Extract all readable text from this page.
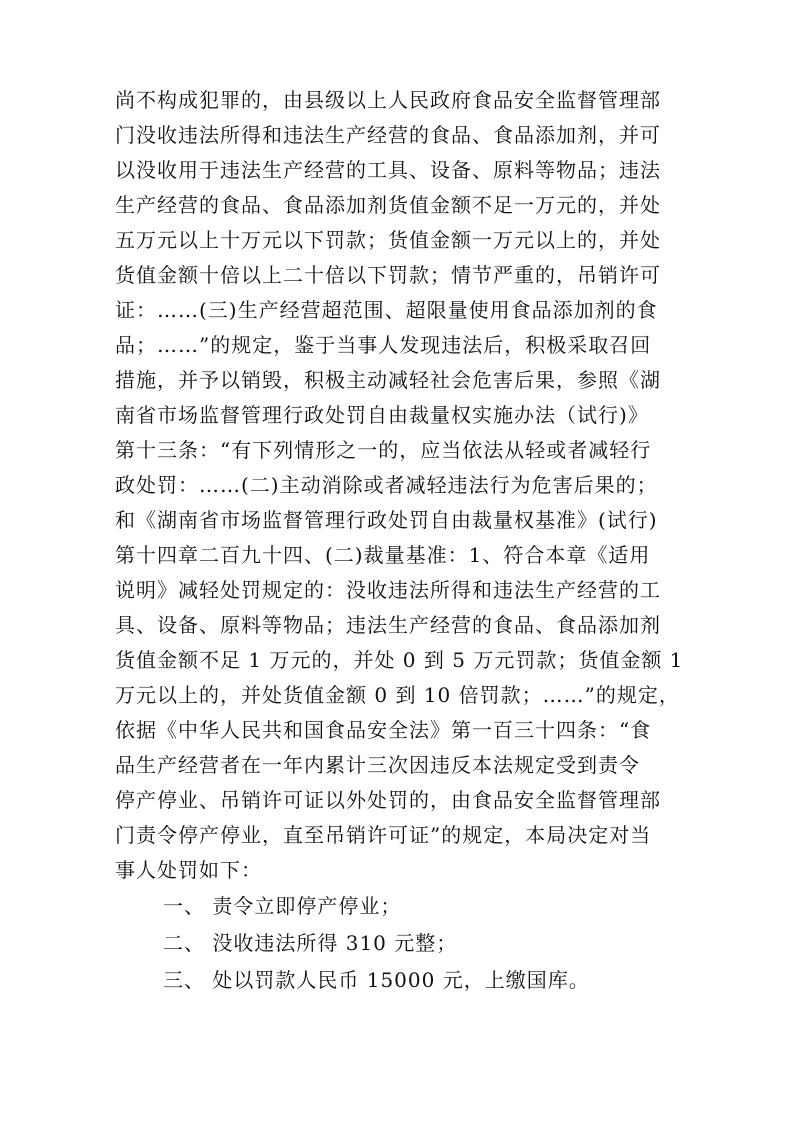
尚不构成犯罪的，由县级以上人民政府食品安全监督管理部
门没收违法所得和违法生产经营的食品、食品添加剂，并可
以没收用于违法生产经营的工具、设备、原料等物品；违法
生产经营的食品、食品添加剂货值金额不足一万元的，并处
五万元以上十万元以下罚款；货值金额一万元以上的，并处
货值金额十倍以上二十倍以下罚款；情节严重的，吊销许可
证：……(三)生产经营超范围、超限量使用食品添加剂的食
品；……”的规定，鉴于当事人发现违法后，积极采取召回
措施，并予以销毁，积极主动减轻社会危害后果，参照《湖
南省市场监督管理行政处罚自由裁量权实施办法（试行)》
第十三条：“有下列情形之一的，应当依法从轻或者减轻行
政处罚：……(二)主动消除或者减轻违法行为危害后果的；
和《湖南省市场监督管理行政处罚自由裁量权基准》(试行)
第十四章二百九十四、(二)裁量基准：1、符合本章《适用
说明》减轻处罚规定的：没收违法所得和违法生产经营的工
具、设备、原料等物品；违法生产经营的食品、食品添加剂
货值金额不足 1 万元的，并处 0 到 5 万元罚款；货值金额 1
万元以上的，并处货值金额 0 到 10 倍罚款；……”的规定，
依据《中华人民共和国食品安全法》第一百三十四条：“食
品生产经营者在一年内累计三次因违反本法规定受到责令
停产停业、吊销许可证以外处罚的，由食品安全监督管理部
门责令停产停业，直至吊销许可证”的规定，本局决定对当
事人处罚如下：
一、 责令立即停产停业；
二、 没收违法所得 310 元整；
三、 处以罚款人民币 15000 元，上缴国库。
